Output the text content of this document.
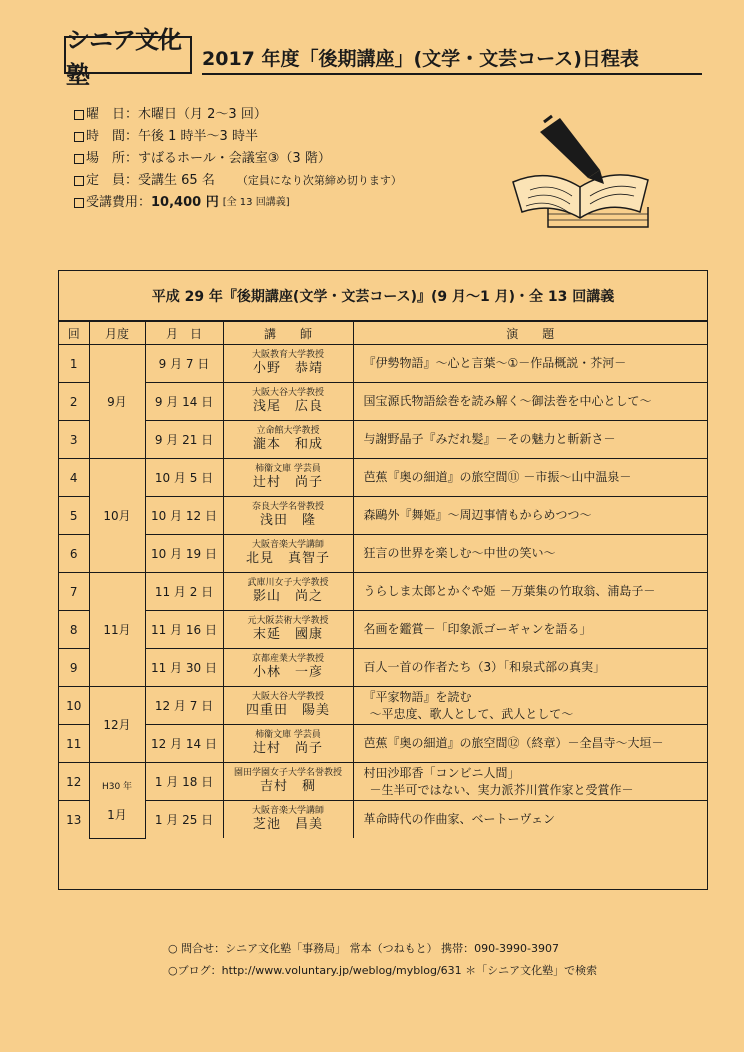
シニア文化塾
2017 年度「後期講座」(文学・文芸コース)日程表
曜　日： 木曜日（月 2〜3 回）
時　間： 午後 1 時半〜3 時半
場　所： すばるホール・会議室③（3 階）
定　員： 受講生 65 名 （定員になり次第締め切ります）
受講費用： 10,400 円 [全 13 回講義]
平成 29 年『後期講座(文学・文芸コース)』(9 月〜1 月)・全 13 回講義
回	月度	月　日	講　　師	演　　題
1	9月	9 月 7 日	大阪教育大学教授
小野　恭靖	『伊勢物語』〜心と言葉〜①－作品概説・芥河－
2		9 月 14 日	大阪大谷大学教授
浅尾　広良	国宝源氏物語絵巻を読み解く〜御法巻を中心として〜
3		9 月 21 日	立命館大学教授
瀧本　和成	与謝野晶子『みだれ髪』－その魅力と斬新さ－
4	10月	10 月 5 日	柿衞文庫 学芸員
辻村　尚子	芭蕉『奥の細道』の旅空間⑪ －市振〜山中温泉－
5		10 月 12 日	奈良大学名誉教授
浅田　隆	森鷗外『舞姫』〜周辺事情もからめつつ〜
6		10 月 19 日	大阪音楽大学講師
北見　真智子	狂言の世界を楽しむ〜中世の笑い〜
7	11月	11 月 2 日	武庫川女子大学教授
影山　尚之	うらしま太郎とかぐや姫 －万葉集の竹取翁、浦島子－
8		11 月 16 日	元大阪芸術大学教授
末延　國康	名画を鑑賞－「印象派ゴーギャンを語る」
9		11 月 30 日	京都産業大学教授
小林　一彦	百人一首の作者たち（3）「和泉式部の真実」
10	12月	12 月 7 日	大阪大谷大学教授
四重田　陽美	『平家物語』を読む
〜平忠度、歌人として、武人として〜

11		12 月 14 日	柿衞文庫 学芸員
辻村　尚子	芭蕉『奥の細道』の旅空間⑫（終章）－全昌寺〜大垣－
12	H30 年

1月	1 月 18 日	園田学園女子大学名誉教授
吉村　稠	村田沙耶香「コンビニ人間」
－生半可ではない、実力派芥川賞作家と受賞作－

13		1 月 25 日	大阪音楽大学講師
芝池　昌美	革命時代の作曲家、ベートーヴェン
○ 問合せ：シニア文化塾「事務局」 常本（つねもと） 携帯：090-3990-3907
○ブログ：http://www.voluntary.jp/weblog/myblog/631 ＊「シニア文化塾」で検索
